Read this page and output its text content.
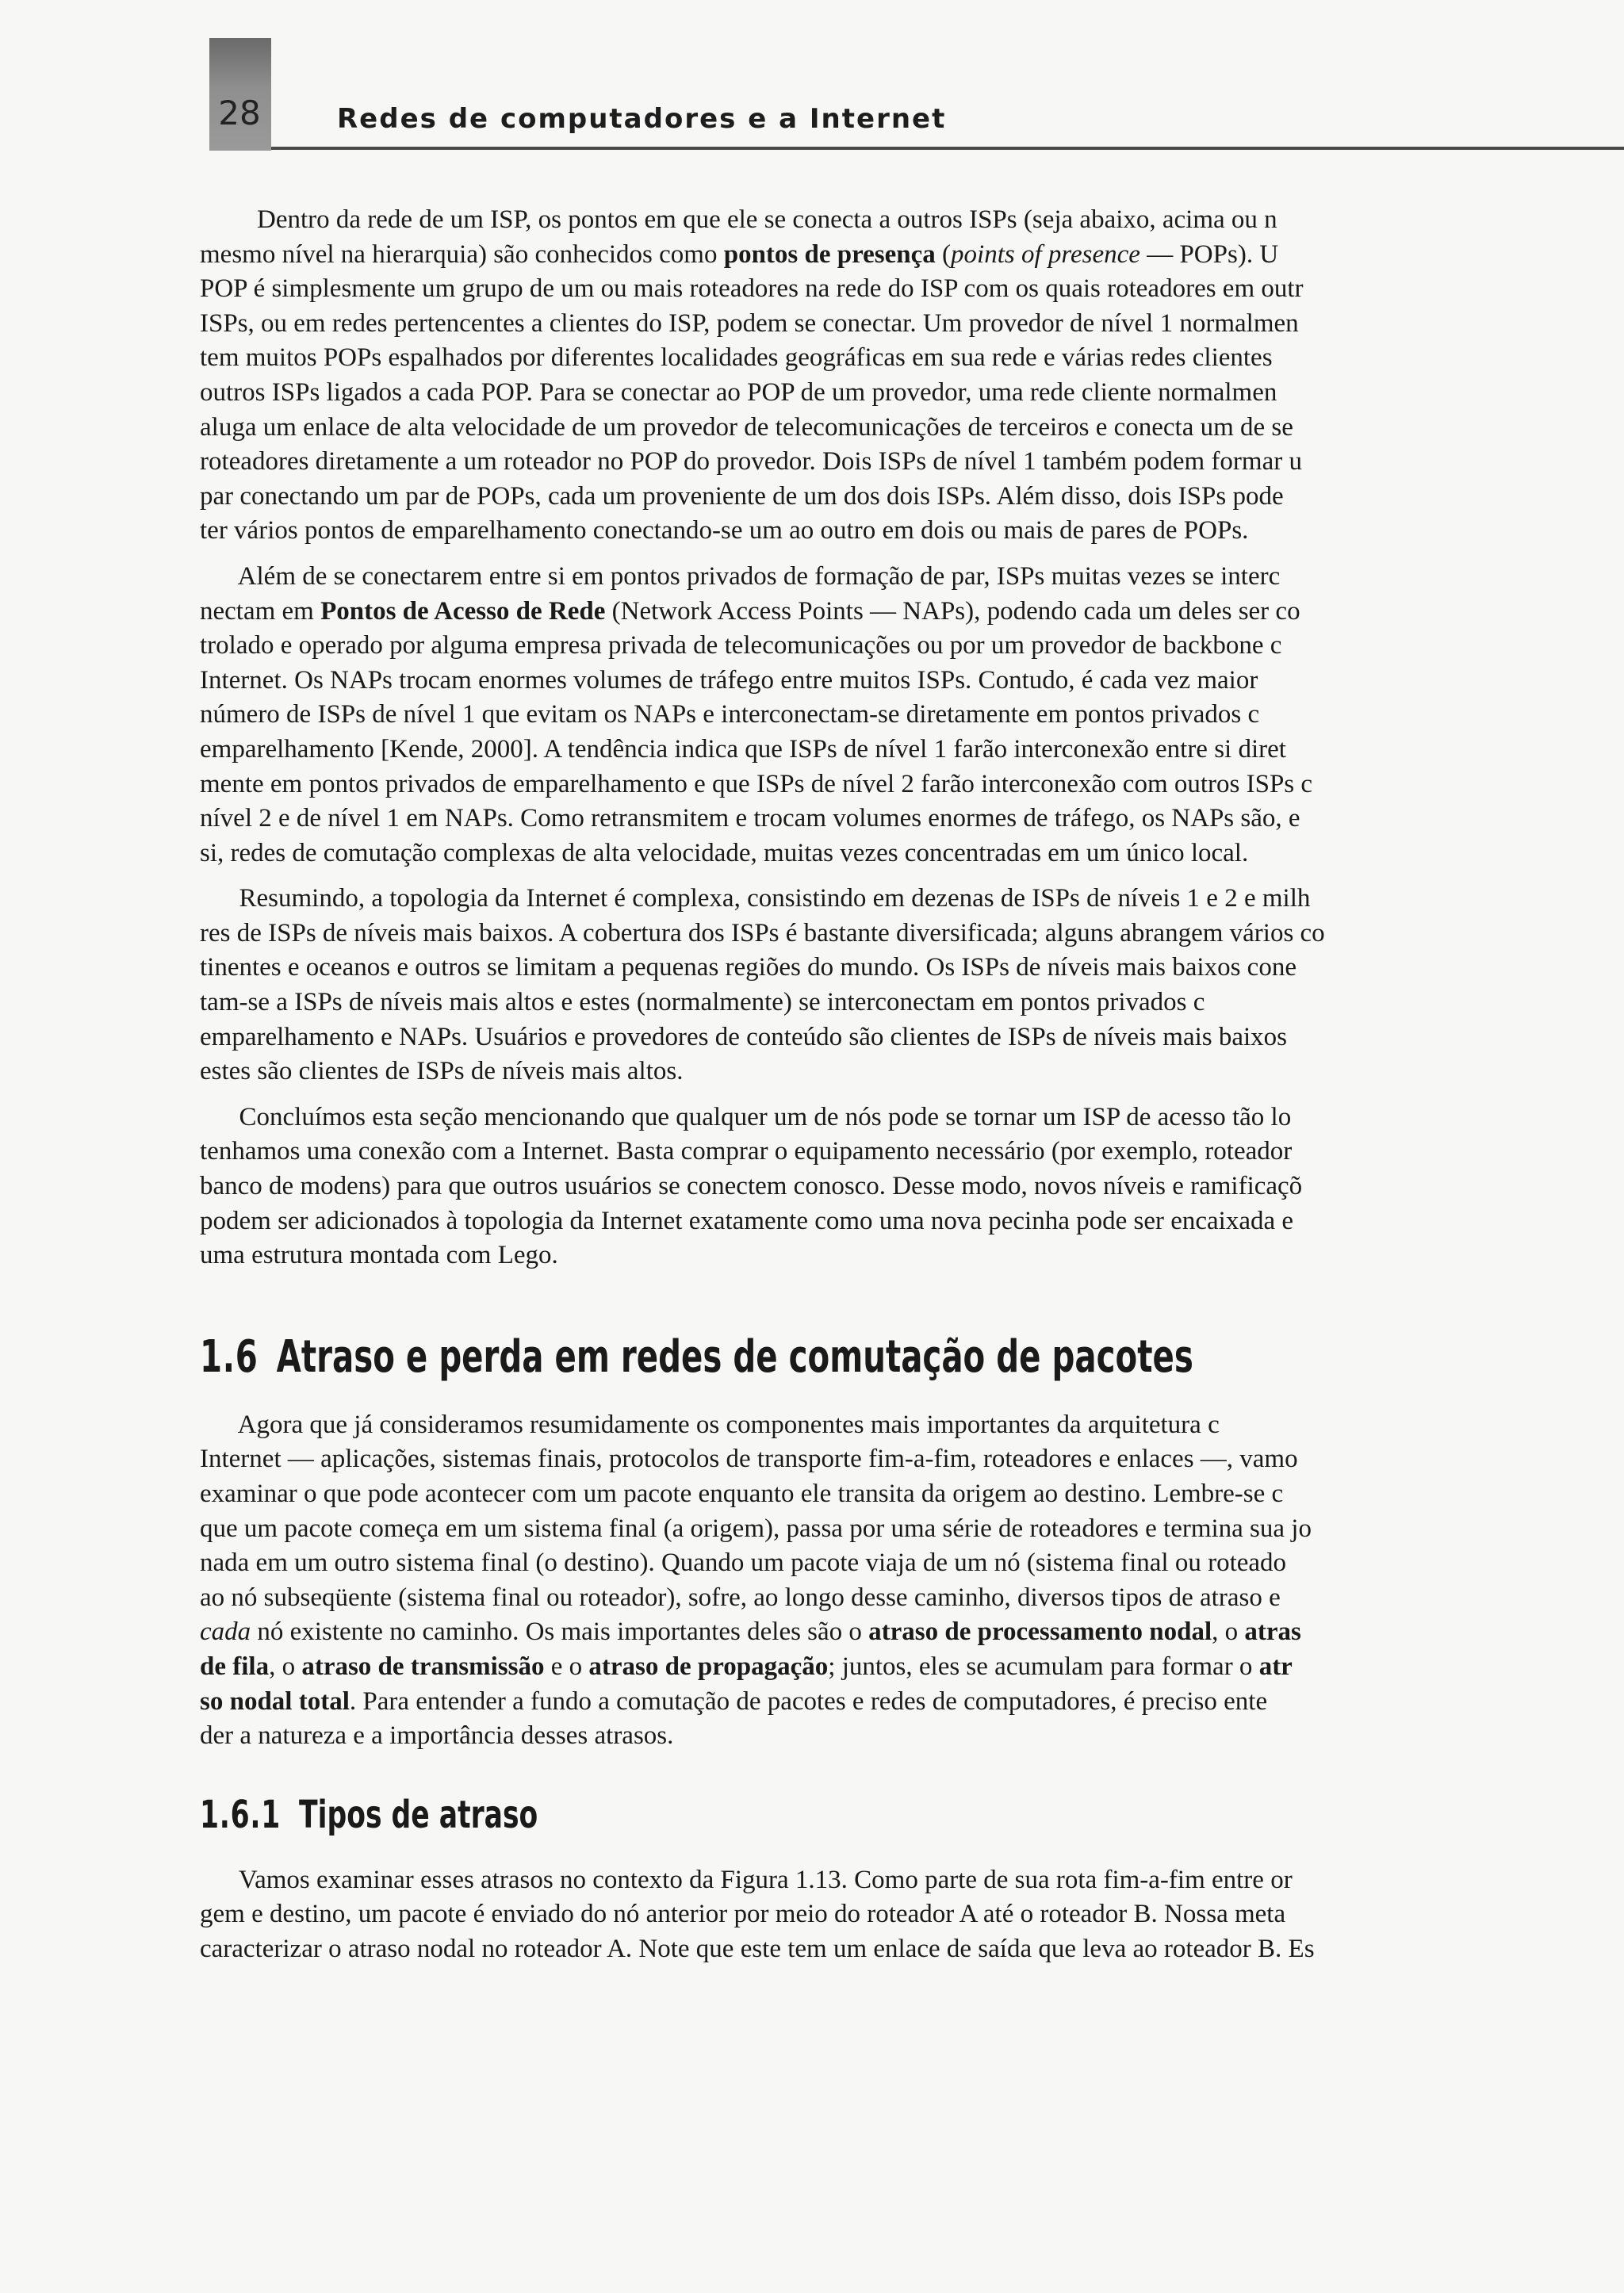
28	Redes de computadores e a Internet

Dentro da rede de um ISP, os pontos em que ele se conecta a outros ISPs (seja abaixo, acima ou n

mesmo nível na hierarquia) são conhecidos como pontos de presença (points of presence — POPs). U

POP é simplesmente um grupo de um ou mais roteadores na rede do ISP com os quais roteadores em outr

ISPs, ou em redes pertencentes a clientes do ISP, podem se conectar. Um provedor de nível 1 normalmen

tem muitos POPs espalhados por diferentes localidades geográficas em sua rede e várias redes clientes

outros ISPs ligados a cada POP. Para se conectar ao POP de um provedor, uma rede cliente normalmen

aluga um enlace de alta velocidade de um provedor de telecomunicações de terceiros e conecta um de se

roteadores diretamente a um roteador no POP do provedor. Dois ISPs de nível 1 também podem formar u

par conectando um par de POPs, cada um proveniente de um dos dois ISPs. Além disso, dois ISPs pode

ter vários pontos de emparelhamento conectando-se um ao outro em dois ou mais de pares de POPs.

Além de se conectarem entre si em pontos privados de formação de par, ISPs muitas vezes se interc

nectam em Pontos de Acesso de Rede (Network Access Points — NAPs), podendo cada um deles ser co

trolado e operado por alguma empresa privada de telecomunicações ou por um provedor de backbone c

Internet. Os NAPs trocam enormes volumes de tráfego entre muitos ISPs. Contudo, é cada vez maior

número de ISPs de nível 1 que evitam os NAPs e interconectam-se diretamente em pontos privados c

emparelhamento [Kende, 2000]. A tendência indica que ISPs de nível 1 farão interconexão entre si diret

mente em pontos privados de emparelhamento e que ISPs de nível 2 farão interconexão com outros ISPs c

nível 2 e de nível 1 em NAPs. Como retransmitem e trocam volumes enormes de tráfego, os NAPs são, e

si, redes de comutação complexas de alta velocidade, muitas vezes concentradas em um único local.

Resumindo, a topologia da Internet é complexa, consistindo em dezenas de ISPs de níveis 1 e 2 e milh

res de ISPs de níveis mais baixos. A cobertura dos ISPs é bastante diversificada; alguns abrangem vários co

tinentes e oceanos e outros se limitam a pequenas regiões do mundo. Os ISPs de níveis mais baixos cone

tam-se a ISPs de níveis mais altos e estes (normalmente) se interconectam em pontos privados c

emparelhamento e NAPs. Usuários e provedores de conteúdo são clientes de ISPs de níveis mais baixos

estes são clientes de ISPs de níveis mais altos.

Concluímos esta seção mencionando que qualquer um de nós pode se tornar um ISP de acesso tão lo

tenhamos uma conexão com a Internet. Basta comprar o equipamento necessário (por exemplo, roteador

banco de modens) para que outros usuários se conectem conosco. Desse modo, novos níveis e ramificaçõ

podem ser adicionados à topologia da Internet exatamente como uma nova pecinha pode ser encaixada e

uma estrutura montada com Lego.

1.6 Atraso e perda em redes de comutação de pacotes

Agora que já consideramos resumidamente os componentes mais importantes da arquitetura c

Internet — aplicações, sistemas finais, protocolos de transporte fim-a-fim, roteadores e enlaces —, vamo

examinar o que pode acontecer com um pacote enquanto ele transita da origem ao destino. Lembre-se c

que um pacote começa em um sistema final (a origem), passa por uma série de roteadores e termina sua jo

nada em um outro sistema final (o destino). Quando um pacote viaja de um nó (sistema final ou roteado

ao nó subseqüente (sistema final ou roteador), sofre, ao longo desse caminho, diversos tipos de atraso e

cada nó existente no caminho. Os mais importantes deles são o atraso de processamento nodal, o atras

de fila, o atraso de transmissão e o atraso de propagação; juntos, eles se acumulam para formar o atr

so nodal total. Para entender a fundo a comutação de pacotes e redes de computadores, é preciso ente

der a natureza e a importância desses atrasos.

1.6.1 Tipos de atraso

Vamos examinar esses atrasos no contexto da Figura 1.13. Como parte de sua rota fim-a-fim entre or

gem e destino, um pacote é enviado do nó anterior por meio do roteador A até o roteador B. Nossa meta

caracterizar o atraso nodal no roteador A. Note que este tem um enlace de saída que leva ao roteador B. Es
